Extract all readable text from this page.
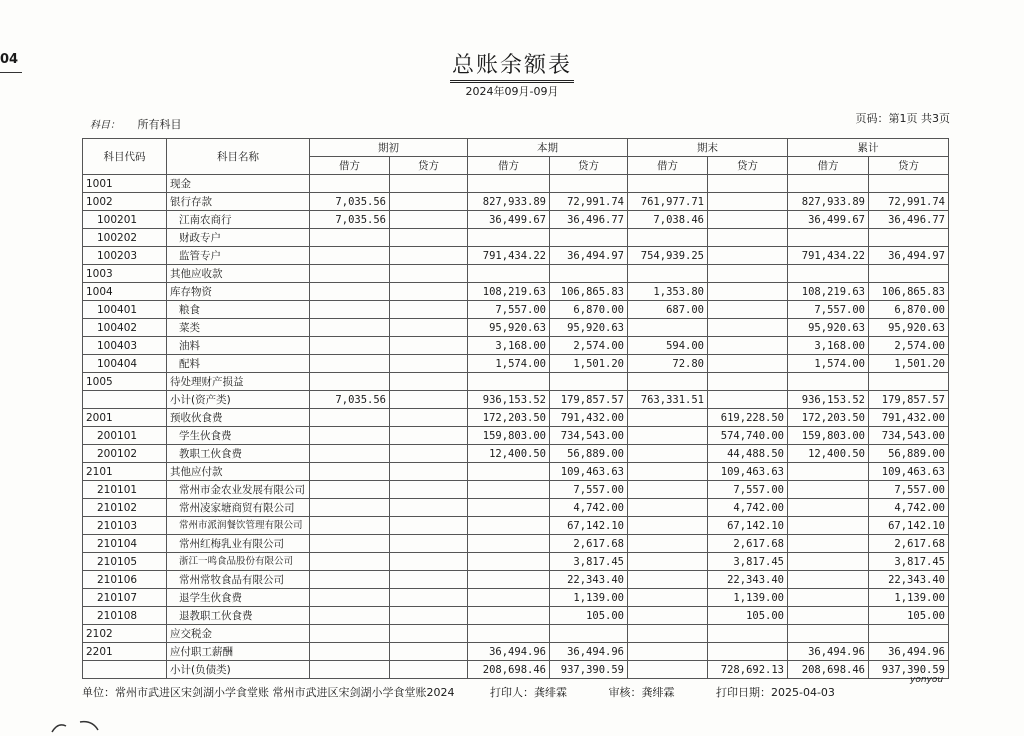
04	总账余额表
2024年09月-09月
科目： 所有科目	页码：第1页 共3页
科目代码	科目名称	期初		本期		期末		累计	
		借方	贷方	借方	贷方	借方	贷方	借方	贷方
1001	现金								
1002	银行存款	7,035.56		827,933.89	72,991.74	761,977.71		827,933.89	72,991.74
100201	江南农商行	7,035.56		36,499.67	36,496.77	7,038.46		36,499.67	36,496.77
100202	财政专户								
100203	监管专户			791,434.22	36,494.97	754,939.25		791,434.22	36,494.97
1003	其他应收款								
1004	库存物资			108,219.63	106,865.83	1,353.80		108,219.63	106,865.83
100401	粮食			7,557.00	6,870.00	687.00		7,557.00	6,870.00
100402	菜类			95,920.63	95,920.63			95,920.63	95,920.63
100403	油料			3,168.00	2,574.00	594.00		3,168.00	2,574.00
100404	配料			1,574.00	1,501.20	72.80		1,574.00	1,501.20
1005	待处理财产损益								
	小计(资产类)	7,035.56		936,153.52	179,857.57	763,331.51		936,153.52	179,857.57
2001	预收伙食费			172,203.50	791,432.00		619,228.50	172,203.50	791,432.00
200101	学生伙食费			159,803.00	734,543.00		574,740.00	159,803.00	734,543.00
200102	教职工伙食费			12,400.50	56,889.00		44,488.50	12,400.50	56,889.00
2101	其他应付款				109,463.63		109,463.63		109,463.63
210101	常州市金农业发展有限公司				7,557.00		7,557.00		7,557.00
210102	常州凌家塘商贸有限公司				4,742.00		4,742.00		4,742.00
210103	常州市派润餐饮管理有限公司				67,142.10		67,142.10		67,142.10
210104	常州红梅乳业有限公司				2,617.68		2,617.68		2,617.68
210105	浙江一鸣食品股份有限公司				3,817.45		3,817.45		3,817.45
210106	常州常牧食品有限公司				22,343.40		22,343.40		22,343.40
210107	退学生伙食费				1,139.00		1,139.00		1,139.00
210108	退教职工伙食费				105.00		105.00		105.00
2102	应交税金								
2201	应付职工薪酬			36,494.96	36,494.96			36,494.96	36,494.96
	小计(负债类)			208,698.46	937,390.59		728,692.13	208,698.46	937,390.59
单位：常州市武进区宋剑湖小学食堂账 常州市武进区宋剑湖小学食堂账2024	打印人：龚绯霖	审核：龚绯霖	打印日期：2025-04-03
yonyou
